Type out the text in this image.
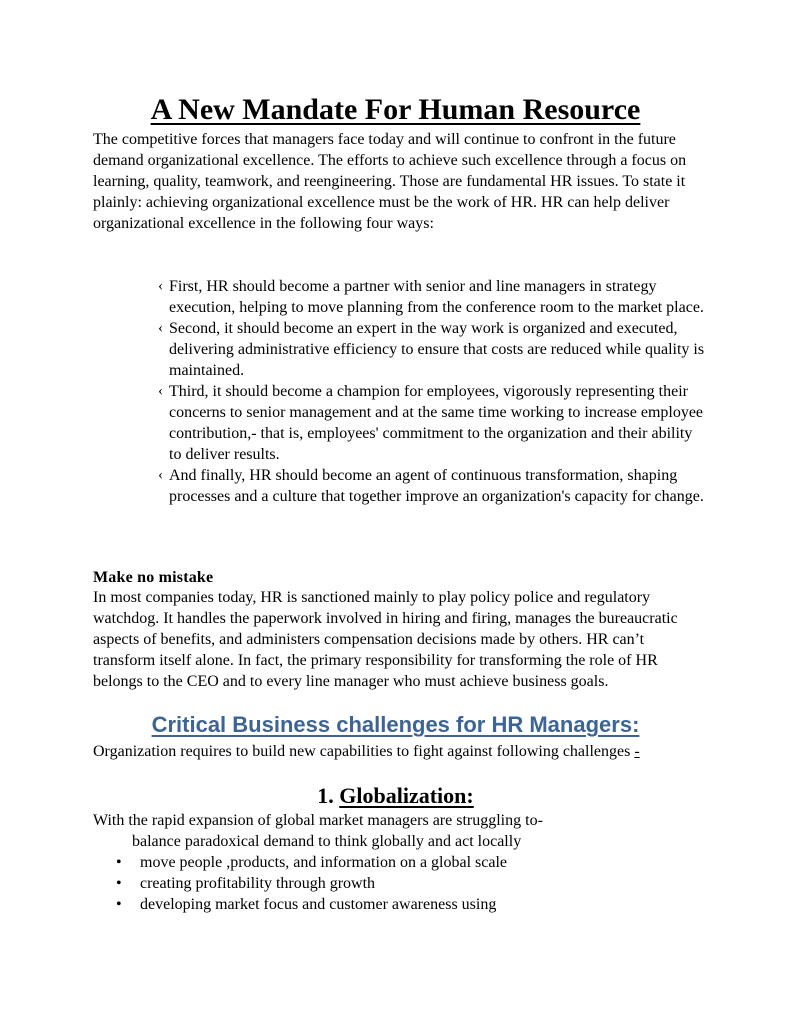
A New Mandate For Human Resource

The competitive forces that managers face today and will continue to confront in the future demand organizational excellence. The efforts to achieve such excellence through a focus on learning, quality, teamwork, and reengineering. Those are fundamental HR issues. To state it plainly: achieving organizational excellence must be the work of HR. HR can help deliver organizational excellence in the following four ways:

‹ First, HR should become a partner with senior and line managers in strategy execution, helping to move planning from the conference room to the market place.
‹ Second, it should become an expert in the way work is organized and executed, delivering administrative efficiency to ensure that costs are reduced while quality is maintained.
‹ Third, it should become a champion for employees, vigorously representing their concerns to senior management and at the same time working to increase employee contribution,- that is, employees' commitment to the organization and their ability to deliver results.
‹ And finally, HR should become an agent of continuous transformation, shaping processes and a culture that together improve an organization's capacity for change.

Make no mistake

In most companies today, HR is sanctioned mainly to play policy police and regulatory watchdog. It handles the paperwork involved in hiring and firing, manages the bureaucratic aspects of benefits, and administers compensation decisions made by others. HR can’t transform itself alone. In fact, the primary responsibility for transforming the role of HR belongs to the CEO and to every line manager who must achieve business goals.

Critical Business challenges for HR Managers:

Organization requires to build new capabilities to fight against following challenges -

1. Globalization:

With the rapid expansion of global market managers are struggling to-

balance paradoxical demand to think globally and act locally

• move people ,products, and information on a global scale
• creating profitability through growth
• developing market focus and customer awareness using
